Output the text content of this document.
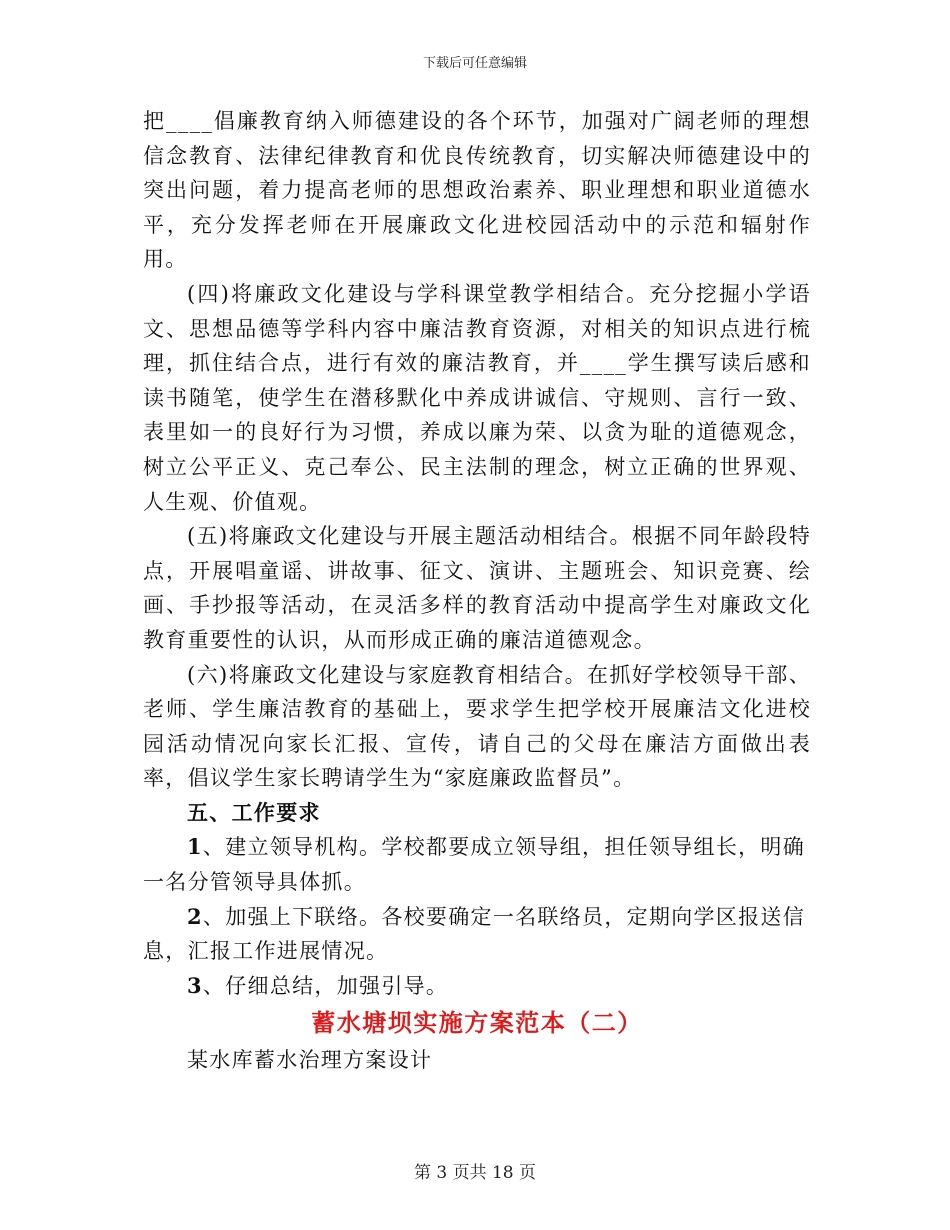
下载后可任意编辑

把____倡廉教育纳入师德建设的各个环节，加强对广阔老师的理想信念教育、法律纪律教育和优良传统教育，切实解决师德建设中的突出问题，着力提高老师的思想政治素养、职业理想和职业道德水平，充分发挥老师在开展廉政文化进校园活动中的示范和辐射作用。

(四)将廉政文化建设与学科课堂教学相结合。充分挖掘小学语文、思想品德等学科内容中廉洁教育资源，对相关的知识点进行梳理，抓住结合点，进行有效的廉洁教育，并____学生撰写读后感和读书随笔，使学生在潜移默化中养成讲诚信、守规则、言行一致、表里如一的良好行为习惯，养成以廉为荣、以贪为耻的道德观念，树立公平正义、克己奉公、民主法制的理念，树立正确的世界观、人生观、价值观。

(五)将廉政文化建设与开展主题活动相结合。根据不同年龄段特点，开展唱童谣、讲故事、征文、演讲、主题班会、知识竞赛、绘画、手抄报等活动，在灵活多样的教育活动中提高学生对廉政文化教育重要性的认识，从而形成正确的廉洁道德观念。

(六)将廉政文化建设与家庭教育相结合。在抓好学校领导干部、老师、学生廉洁教育的基础上，要求学生把学校开展廉洁文化进校园活动情况向家长汇报、宣传，请自己的父母在廉洁方面做出表率，倡议学生家长聘请学生为“家庭廉政监督员”。

五、工作要求

1、建立领导机构。学校都要成立领导组，担任领导组长，明确一名分管领导具体抓。

2、加强上下联络。各校要确定一名联络员，定期向学区报送信息，汇报工作进展情况。

3、仔细总结，加强引导。

蓄水塘坝实施方案范本（二）

某水库蓄水治理方案设计

第 3 页共 18 页
